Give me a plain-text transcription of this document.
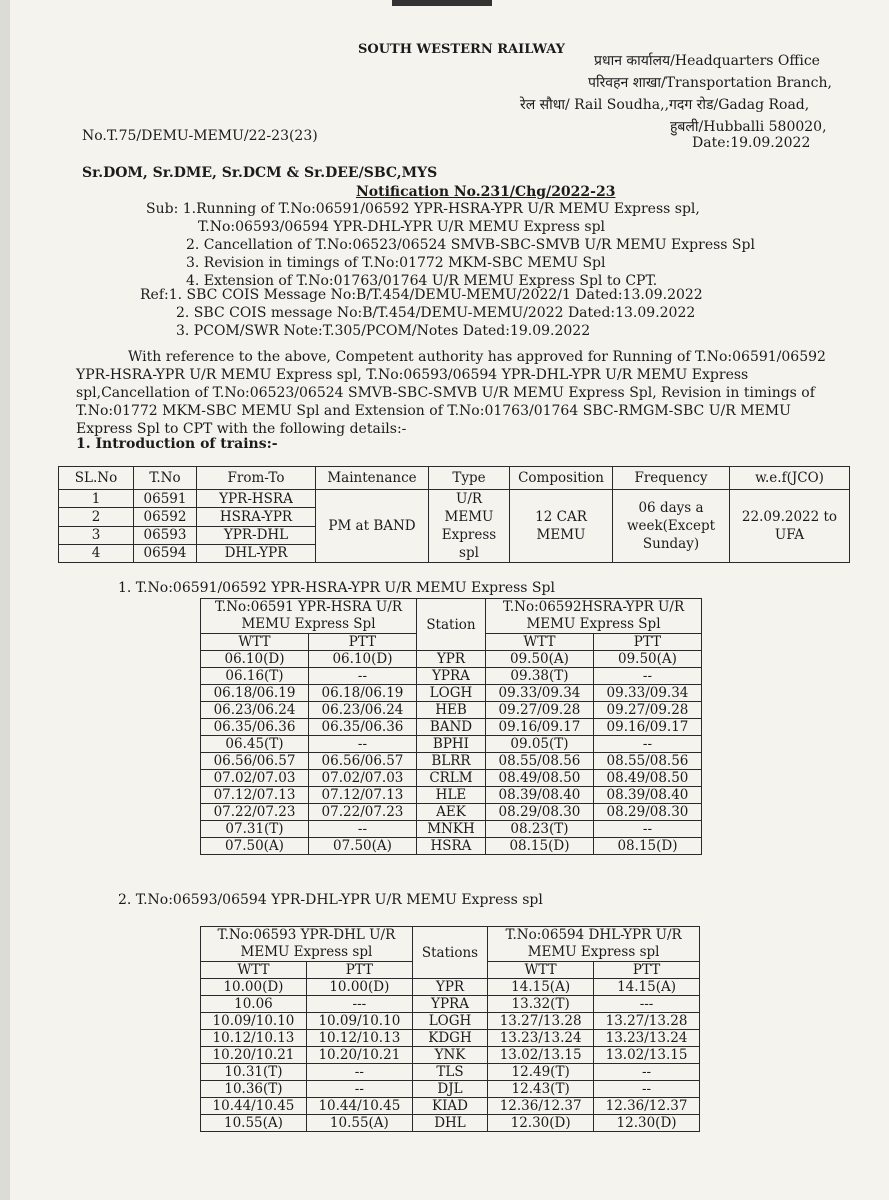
SOUTH WESTERN RAILWAY
प्रधान कार्यालय/Headquarters Office
परिवहन शाखा/Transportation Branch,
रेल सौधा/ Rail Soudha,,गदग रोड/Gadag Road,
हुबली/Hubballi 580020,
Date:19.09.2022
No.T.75/DEMU-MEMU/22-23(23)
Sr.DOM, Sr.DME, Sr.DCM & Sr.DEE/SBC,MYS
Notification No.231/Chg/2022-23
Sub: 1.Running of T.No:06591/06592 YPR-HSRA-YPR U/R MEMU Express spl,
T.No:06593/06594 YPR-DHL-YPR U/R MEMU Express spl
2. Cancellation of T.No:06523/06524 SMVB-SBC-SMVB U/R MEMU Express Spl
3. Revision in timings of T.No:01772 MKM-SBC MEMU Spl
4. Extension of T.No:01763/01764 U/R MEMU Express Spl to CPT.
Ref:1. SBC COIS Message No:B/T.454/DEMU-MEMU/2022/1 Dated:13.09.2022
2. SBC COIS message No:B/T.454/DEMU-MEMU/2022 Dated:13.09.2022
3. PCOM/SWR Note:T.305/PCOM/Notes Dated:19.09.2022
With reference to the above, Competent authority has approved for Running of T.No:06591/06592
YPR-HSRA-YPR U/R MEMU Express spl, T.No:06593/06594 YPR-DHL-YPR U/R MEMU Express
spl,Cancellation of T.No:06523/06524 SMVB-SBC-SMVB U/R MEMU Express Spl, Revision in timings of
T.No:01772 MKM-SBC MEMU Spl and Extension of T.No:01763/01764 SBC-RMGM-SBC U/R MEMU
Express Spl to CPT with the following details:-
1. Introduction of trains:-
SL.No	T.No	From-To	Maintenance	Type	Composition	Frequency	w.e.f(JCO)
1	06591	YPR-HSRA	PM at BAND	U/R MEMU Express spl	12 CAR MEMU	06 days a week(Except Sunday)	22.09.2022 to UFA
2	06592	HSRA-YPR					
3	06593	YPR-DHL					
4	06594	DHL-YPR					
1. T.No:06591/06592 YPR-HSRA-YPR U/R MEMU Express Spl
T.No:06591 YPR-HSRA U/R MEMU Express Spl		Station	T.No:06592HSRA-YPR U/R MEMU Express Spl	
WTT	PTT		WTT	PTT
06.10(D)	06.10(D)	YPR	09.50(A)	09.50(A)
06.16(T)	--	YPRA	09.38(T)	--
06.18/06.19	06.18/06.19	LOGH	09.33/09.34	09.33/09.34
06.23/06.24	06.23/06.24	HEB	09.27/09.28	09.27/09.28
06.35/06.36	06.35/06.36	BAND	09.16/09.17	09.16/09.17
06.45(T)	--	BPHI	09.05(T)	--
06.56/06.57	06.56/06.57	BLRR	08.55/08.56	08.55/08.56
07.02/07.03	07.02/07.03	CRLM	08.49/08.50	08.49/08.50
07.12/07.13	07.12/07.13	HLE	08.39/08.40	08.39/08.40
07.22/07.23	07.22/07.23	AEK	08.29/08.30	08.29/08.30
07.31(T)	--	MNKH	08.23(T)	--
07.50(A)	07.50(A)	HSRA	08.15(D)	08.15(D)
2. T.No:06593/06594 YPR-DHL-YPR U/R MEMU Express spl
T.No:06593 YPR-DHL U/R MEMU Express spl		Stations	T.No:06594 DHL-YPR U/R MEMU Express spl	
WTT	PTT		WTT	PTT
10.00(D)	10.00(D)	YPR	14.15(A)	14.15(A)
10.06	---	YPRA	13.32(T)	---
10.09/10.10	10.09/10.10	LOGH	13.27/13.28	13.27/13.28
10.12/10.13	10.12/10.13	KDGH	13.23/13.24	13.23/13.24
10.20/10.21	10.20/10.21	YNK	13.02/13.15	13.02/13.15
10.31(T)	--	TLS	12.49(T)	--
10.36(T)	--	DJL	12.43(T)	--
10.44/10.45	10.44/10.45	KIAD	12.36/12.37	12.36/12.37
10.55(A)	10.55(A)	DHL	12.30(D)	12.30(D)
